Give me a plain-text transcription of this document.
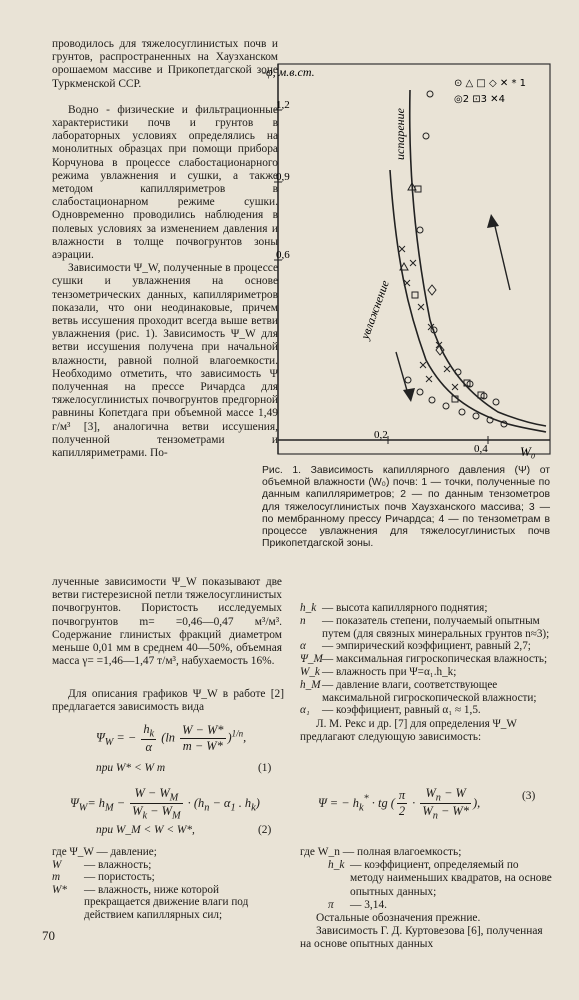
проводилось для тяжелосуглинистых почв и грунтов, распространенных на Хаузханском орошаемом массиве и Прикопетдагской зоне Туркменской ССР.

Водно - физические и фильтрационные характеристики почв и грунтов в лабораторных условиях определялись на монолитных образцах при помощи прибора Корчунова в процессе слабостационарного режима увлажнения и сушки, а также методом капилляриметров в слабостационарном режиме сушки. Одновременно проводились наблюдения в полевых условиях за изменением давления и влажности в толще почвогрунтов зоны аэрации.

Зависимости Ψ_W, полученные в процессе сушки и увлажнения на основе тензометрических данных, капилляриметров показали, что они неодинаковые, причем ветвь иссушения проходит всегда выше ветви увлажнения (рис. 1). Зависимость Ψ_W для ветви иссушения получена при начальной влажности, равной полной влагоемкости. Необходимо отметить, что зависимость Ψ полученная на прессе Ричардса для тяжелосуглинистых почвогрунтов предгорной равнины Копетдага при объемной массе 1,49 г/м³ [3], аналогична ветви иссушения, полученной тензометрами и капилляриметрами. По-

-φ, м.в.ст.
W₀
1,2
0,9
0,6
0,2
0,4
⊙ △ □ ◇ ✕ * 1
◎2 ⊡3 ✕4
испарение
увлажнение
Рис. 1. Зависимость капиллярного давления (Ψ) от объемной влажности (W₀) почв: 1 — точки, полученные по данным капилляриметров; 2 — по данным тензометров для тяжелосуглинистых почв Хаузханского массива; 3 — по мембранному прессу Ричардса; 4 — по тензометрам в процессе увлажнения для тяжелосуглинистых почв Прикопетдагской зоны.
лученные зависимости Ψ_W показывают две ветви гистерезисной петли тяжелосуглинистых почвогрунтов. Пористость исследуемых почвогрунтов m= =0,46—0,47 м³/м³. Содержание глинистых фракций диаметром меньше 0,01 мм в среднем 40—50%, объемная масса γ= =1,46—1,47 т/м³, набухаемость 16%.
Для описания графиков Ψ_W в работе [2] предлагается зависимость вида
h_k — высота капиллярного поднятия;
n	— показатель степени, получаемый опытным путем (для связных минеральных грунтов n≈3);
α	— эмпирический коэффициент, равный 2,7;
Ψ_M — максимальная гигроскопическая влажность;
W_k — влажность при Ψ=α₁.h_k;
h_M — давление влаги, соответствующее максимальной гигроскопической влажности;
α₁	— коэффициент, равный α₁ ≈ 1,5.
Л. М. Рекс и др. [7] для определения Ψ_W предлагают следующую зависимость:
$\Psi_W$ = − $\frac{h_k}{\alpha} (\ln \frac{W - W*}{m - W*} )^{1/n}$,
при W* < W m	(1)
$\Psi_W= h_M - \frac{W - W_M}{W_k - W_M} \cdot (h_n - \alpha_1$ . $h_k$)
при W_M < W < W*,	(2)
Ψ = − $h_k^*$ · tg ( $\frac{\pi}{2} \cdot \frac{W_n - W}{W_n - W*}$ ),	(3)
где Ψ_W — давление;
W	— влажность;
m	— пористость;
W*	— влажность, ниже которой прекращается движение влаги под действием капиллярных сил;
где W_n — полная влагоемкость;
h_k — коэффициент, определяемый по методу наименьших квадратов, на основе опытных данных;
π	— 3,14.
Остальные обозначения прежние.
Зависимость Г. Д. Куртовезова [6], полученная на основе опытных данных
70
